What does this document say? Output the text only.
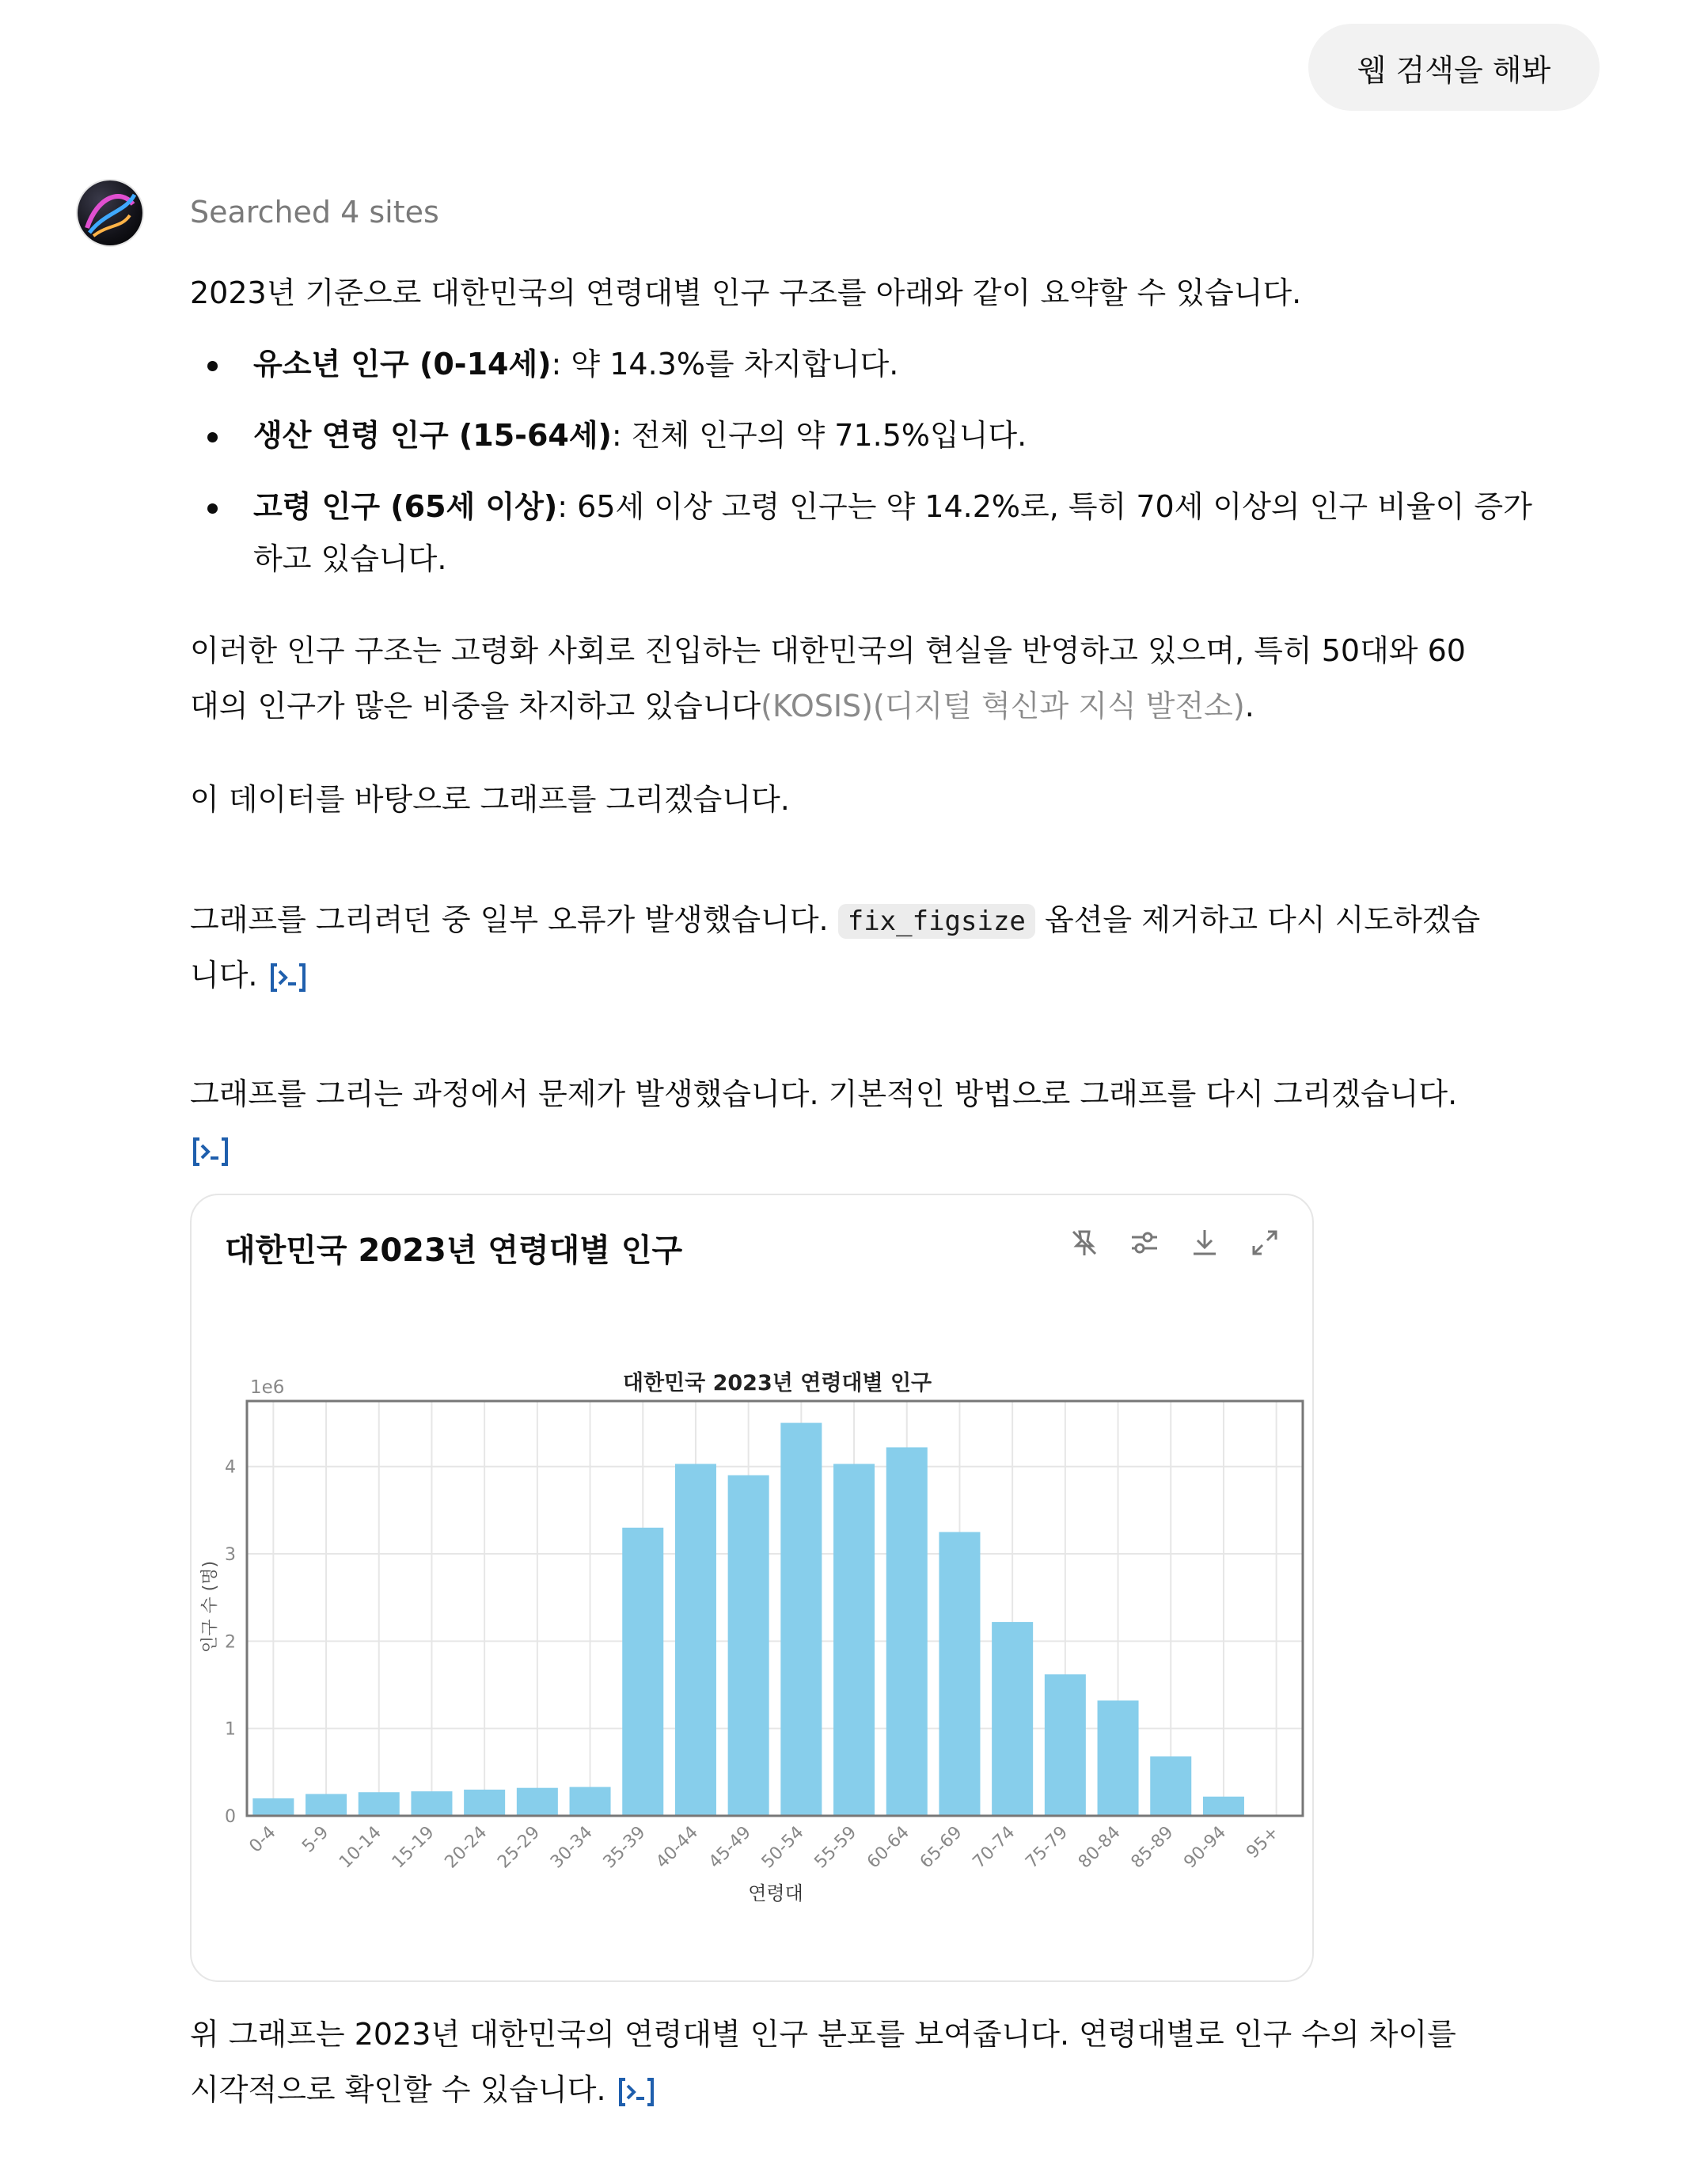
웹 검색을 해봐
Searched 4 sites
2023년 기준으로 대한민국의 연령대별 인구 구조를 아래와 같이 요약할 수 있습니다.
유소년 인구 (0-14세): 약 14.3%를 차지합니다.
생산 연령 인구 (15-64세): 전체 인구의 약 71.5%입니다.
고령 인구 (65세 이상): 65세 이상 고령 인구는 약 14.2%로, 특히 70세 이상의 인구 비율이 증가
하고 있습니다.
이러한 인구 구조는 고령화 사회로 진입하는 대한민국의 현실을 반영하고 있으며, 특히 50대와 60
대의 인구가 많은 비중을 차지하고 있습니다(KOSIS)(디지털 혁신과 지식 발전소).
이 데이터를 바탕으로 그래프를 그리겠습니다.
그래프를 그리려던 중 일부 오류가 발생했습니다. fix_figsize 옵션을 제거하고 다시 시도하겠습
니다.
그래프를 그리는 과정에서 문제가 발생했습니다. 기본적인 방법으로 그래프를 다시 그리겠습니다.
위 그래프는 2023년 대한민국의 연령대별 인구 분포를 보여줍니다. 연령대별로 인구 수의 차이를
시각적으로 확인할 수 있습니다.
대한민국 2023년 연령대별 인구
대한민국 2023년 연령대별 인구
1e6
0
1
2
3
4
0-4 5-9 10-14 15-19 20-24 25-29 30-34 35-39 40-44 45-49 50-54 55-59 60-64 65-69 70-74 75-79 80-84 85-89 90-94 95+
연령대
인구 수 (명)
